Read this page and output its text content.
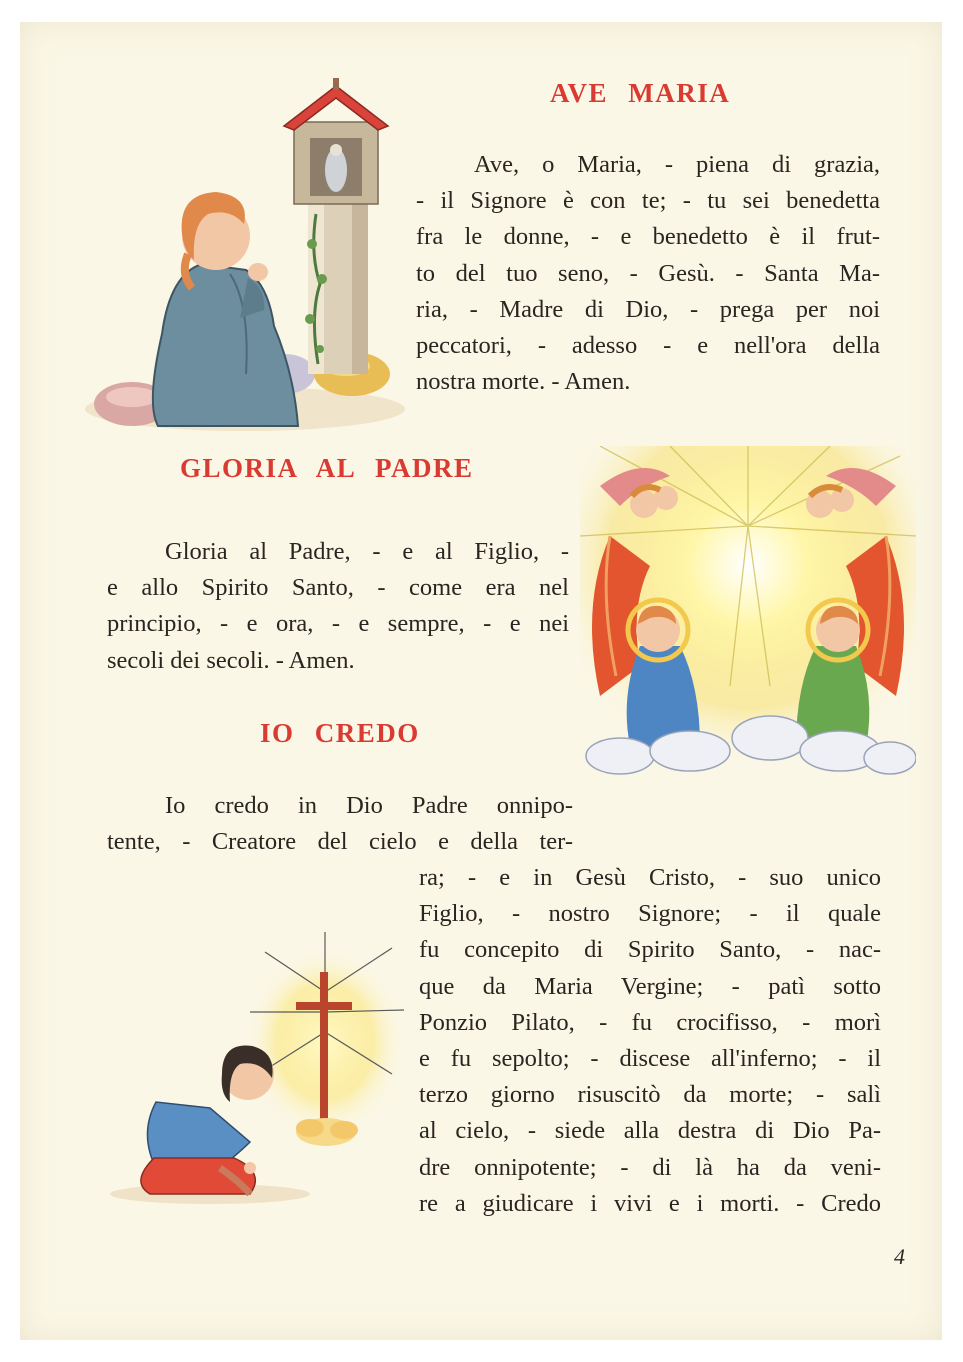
AVE MARIA

Ave, o Maria, - piena di grazia,
- il Signore è con te; - tu sei benedetta
fra le donne, - e benedetto è il frut-
to del tuo seno, - Gesù. - Santa Ma-
ria, - Madre di Dio, - prega per noi
peccatori, - adesso - e nell'ora della
nostra morte. - Amen.

GLORIA AL PADRE

Gloria al Padre, - e al Figlio, -
e allo Spirito Santo, - come era nel
principio, - e ora, - e sempre, - e nei
secoli dei secoli. - Amen.

IO CREDO

Io credo in Dio Padre onnipo-
tente, - Creatore del cielo e della ter-

ra; - e in Gesù Cristo, - suo unico
Figlio, - nostro Signore; - il quale
fu concepito di Spirito Santo, - nac-
que da Maria Vergine; - patì sotto
Ponzio Pilato, - fu crocifisso, - morì
e fu sepolto; - discese all'inferno; - il
terzo giorno risuscitò da morte; - salì
al cielo, - siede alla destra di Dio Pa-
dre onnipotente; - di là ha da veni-
re a giudicare i vivi e i morti. - Credo

4
